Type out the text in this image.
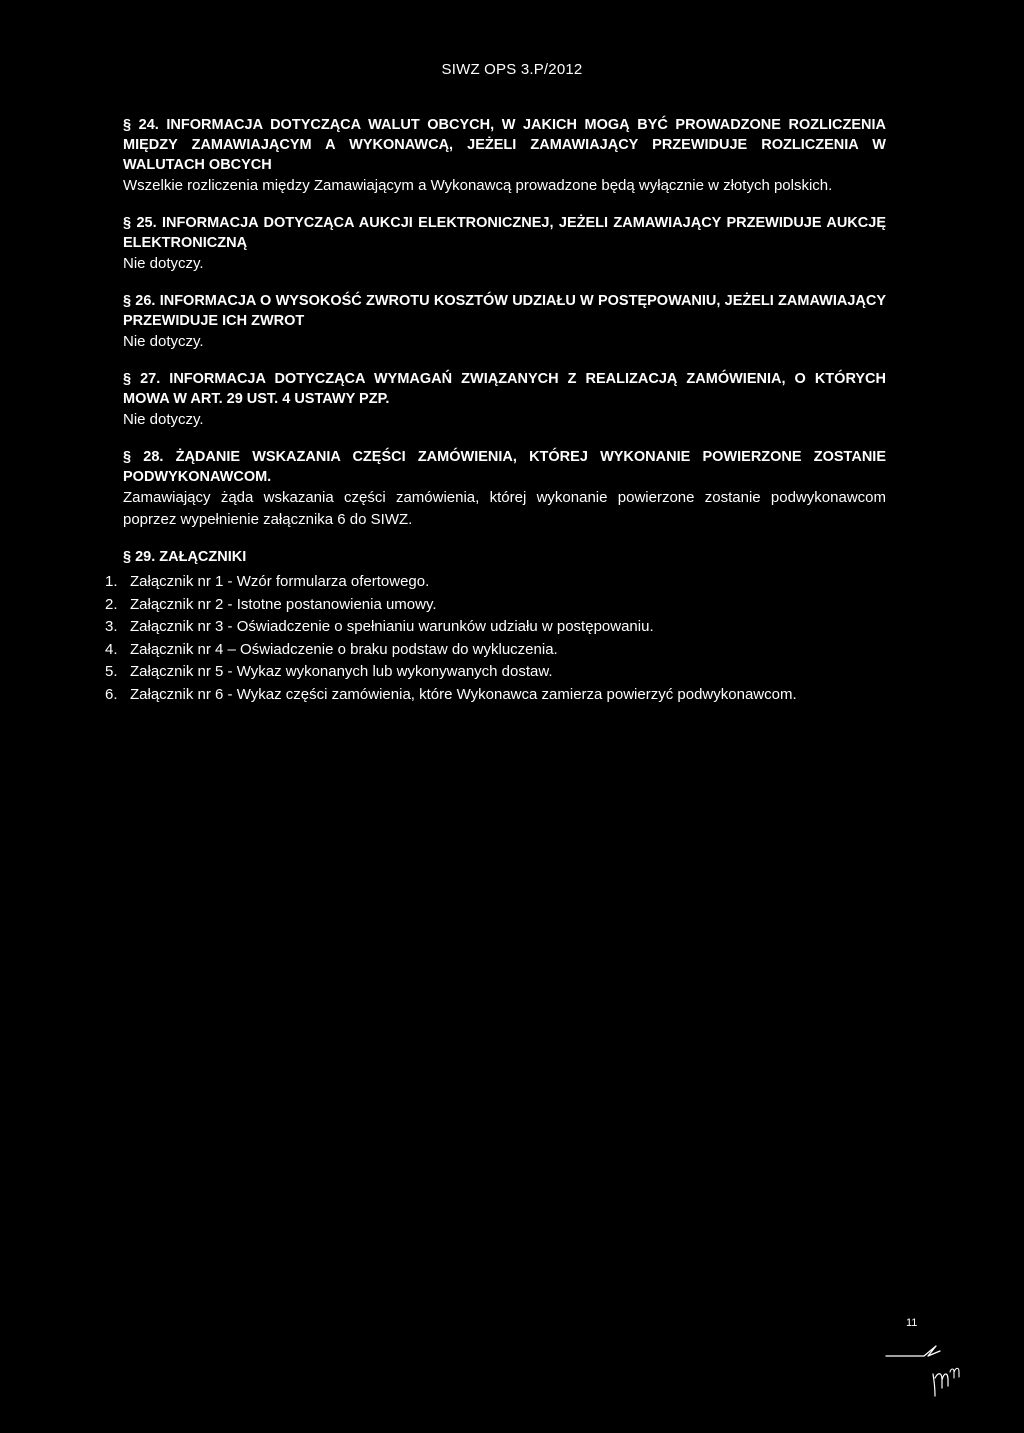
SIWZ OPS 3.P/2012

§ 24. INFORMACJA DOTYCZĄCA WALUT OBCYCH, W JAKICH MOGĄ BYĆ PROWADZONE ROZLICZENIA MIĘDZY ZAMAWIAJĄCYM A WYKONAWCĄ, JEŻELI ZAMAWIAJĄCY PRZEWIDUJE ROZLICZENIA W WALUTACH OBCYCH

Wszelkie rozliczenia między Zamawiającym a Wykonawcą prowadzone będą wyłącznie w złotych polskich.

§ 25. INFORMACJA DOTYCZĄCA AUKCJI ELEKTRONICZNEJ, JEŻELI ZAMAWIAJĄCY PRZEWIDUJE AUKCJĘ ELEKTRONICZNĄ

Nie dotyczy.

§ 26. INFORMACJA O WYSOKOŚĆ ZWROTU KOSZTÓW UDZIAŁU W POSTĘPOWANIU, JEŻELI ZAMAWIAJĄCY PRZEWIDUJE ICH ZWROT

Nie dotyczy.

§ 27. INFORMACJA DOTYCZĄCA WYMAGAŃ ZWIĄZANYCH Z REALIZACJĄ ZAMÓWIENIA, O KTÓRYCH MOWA W ART. 29 UST. 4 USTAWY PZP.

Nie dotyczy.

§ 28. ŻĄDANIE WSKAZANIA CZĘŚCI ZAMÓWIENIA, KTÓREJ WYKONANIE POWIERZONE ZOSTANIE PODWYKONAWCOM.

Zamawiający żąda wskazania części zamówienia, której wykonanie powierzone zostanie podwykonawcom poprzez wypełnienie załącznika 6 do SIWZ.

§ 29. ZAŁĄCZNIKI

1. Załącznik nr 1 - Wzór formularza ofertowego.
2. Załącznik nr 2 - Istotne postanowienia umowy.
3. Załącznik nr 3 - Oświadczenie o spełnianiu warunków udziału w postępowaniu.
4. Załącznik nr 4 – Oświadczenie o braku podstaw do wykluczenia.
5. Załącznik nr 5 - Wykaz wykonanych lub wykonywanych dostaw.
6. Załącznik nr 6 - Wykaz części zamówienia, które Wykonawca zamierza powierzyć podwykonawcom.
11
